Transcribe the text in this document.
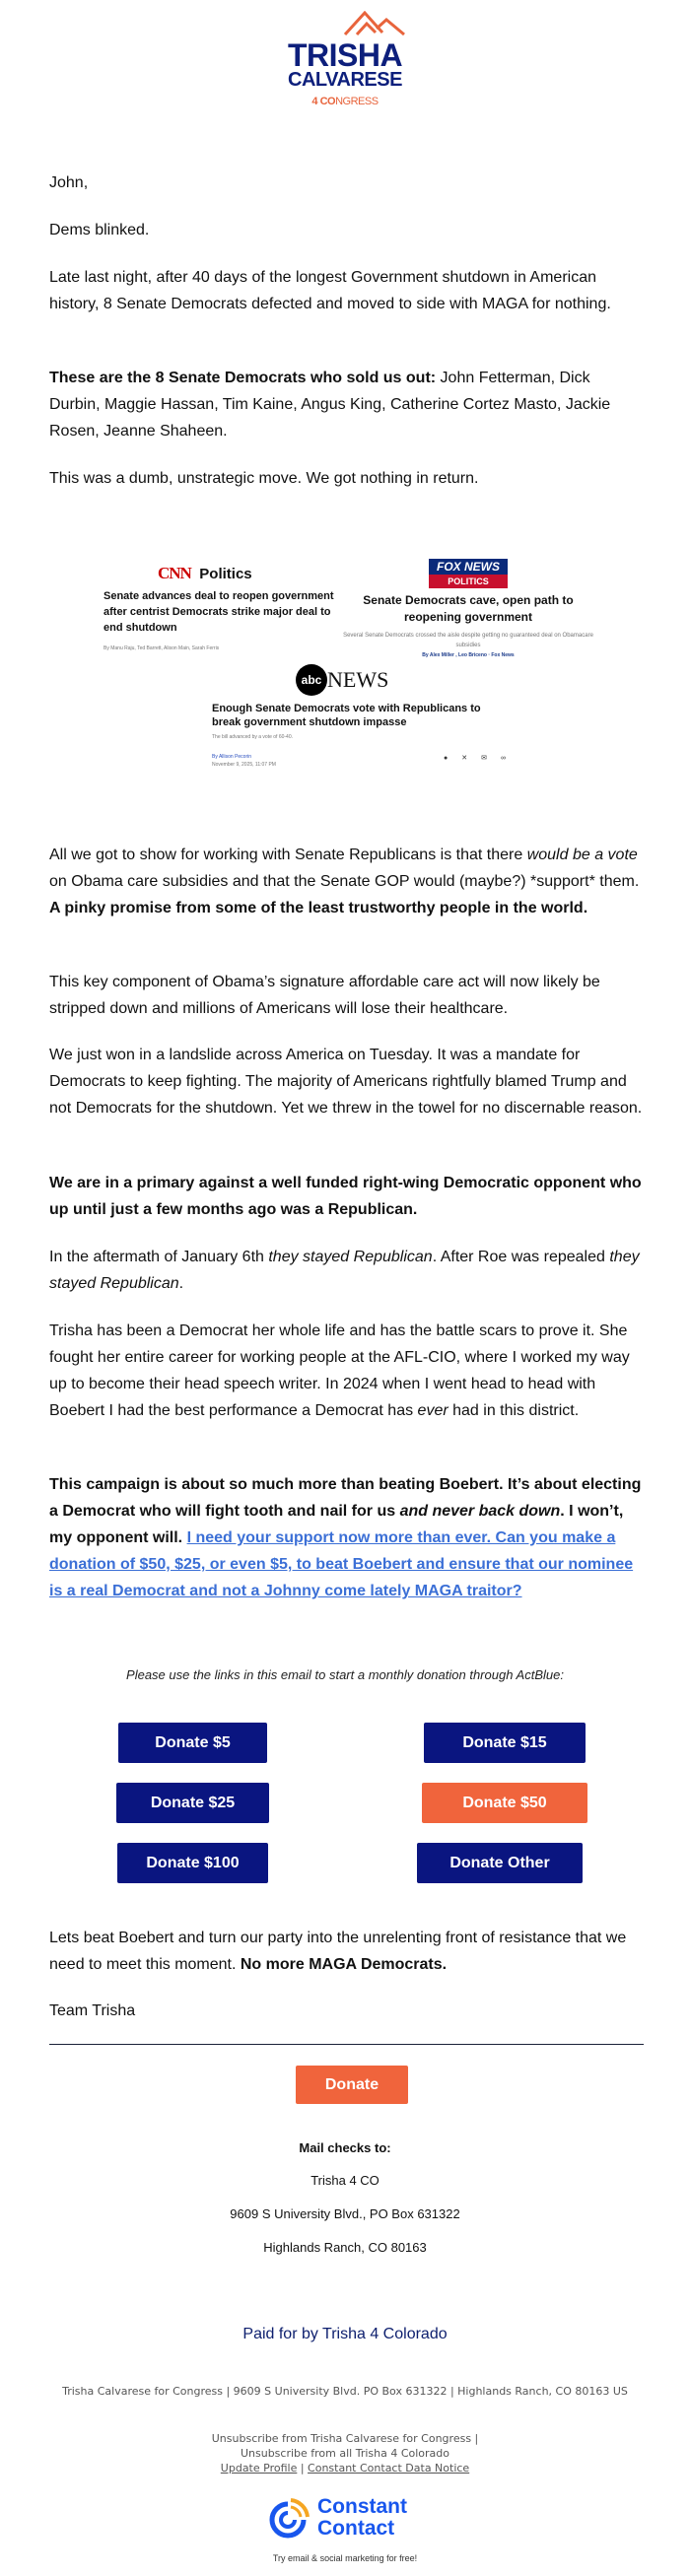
TRISHA
CALVARESE
4 CONGRESS

John,

Dems blinked.

Late last night, after 40 days of the longest Government shutdown in American history, 8 Senate Democrats defected and moved to side with MAGA for nothing.

These are the 8 Senate Democrats who sold us out: John Fetterman, Dick Durbin, Maggie Hassan, Tim Kaine, Angus King, Catherine Cortez Masto, Jackie Rosen, Jeanne Shaheen.

This was a dumb, unstrategic move. We got nothing in return.

CNN Politics
Senate advances deal to reopen government after centrist Democrats strike major deal to end shutdown
By Manu Raju, Ted Barrett, Alison Main, Sarah Ferris
FOX NEWS
POLITICS
Senate Democrats cave, open path to reopening government
Several Senate Democrats crossed the aisle despite getting no guaranteed deal on Obamacare subsidies
By Alex Miller , Leo Briceno · Fox News
abc NEWS
Enough Senate Democrats vote with Republicans to break government shutdown impasse
The bill advanced by a vote of 60-40.
By Allison Pecorin
November 9, 2025, 11:07 PM
●✕✉∞

All we got to show for working with Senate Republicans is that there would be a vote on Obama care subsidies and that the Senate GOP would (maybe?) *support* them. A pinky promise from some of the least trustworthy people in the world.

This key component of Obama’s signature affordable care act will now likely be stripped down and millions of Americans will lose their healthcare.

We just won in a landslide across America on Tuesday. It was a mandate for Democrats to keep fighting. The majority of Americans rightfully blamed Trump and not Democrats for the shutdown. Yet we threw in the towel for no discernable reason.

We are in a primary against a well funded right-wing Democratic opponent who up until just a few months ago was a Republican.

In the aftermath of January 6th they stayed Republican. After Roe was repealed they stayed Republican.

Trisha has been a Democrat her whole life and has the battle scars to prove it. She fought her entire career for working people at the AFL-CIO, where I worked my way up to become their head speech writer. In 2024 when I went head to head with Boebert I had the best performance a Democrat has ever had in this district.

This campaign is about so much more than beating Boebert. It’s about electing a Democrat who will fight tooth and nail for us and never back down. I won’t, my opponent will. I need your support now more than ever. Can you make a donation of $50, $25, or even $5, to beat Boebert and ensure that our nominee is a real Democrat and not a Johnny come lately MAGA traitor?

Please use the links in this email to start a monthly donation through ActBlue:
Donate $5	Donate $15
Donate $25	Donate $50
Donate $100	Donate Other

Lets beat Boebert and turn our party into the unrelenting front of resistance that we need to meet this moment. No more MAGA Democrats.

Team Trisha

Donate
Mail checks to:
Trisha 4 CO
9609 S University Blvd., PO Box 631322
Highlands Ranch, CO 80163
Paid for by Trisha 4 Colorado
Trisha Calvarese for Congress | 9609 S University Blvd. PO Box 631322 | Highlands Ranch, CO 80163 US
Unsubscribe from Trisha Calvarese for Congress |
Unsubscribe from all Trisha 4 Colorado
Update Profile | Constant Contact Data Notice
Constant
Contact
Try email & social marketing for free!
